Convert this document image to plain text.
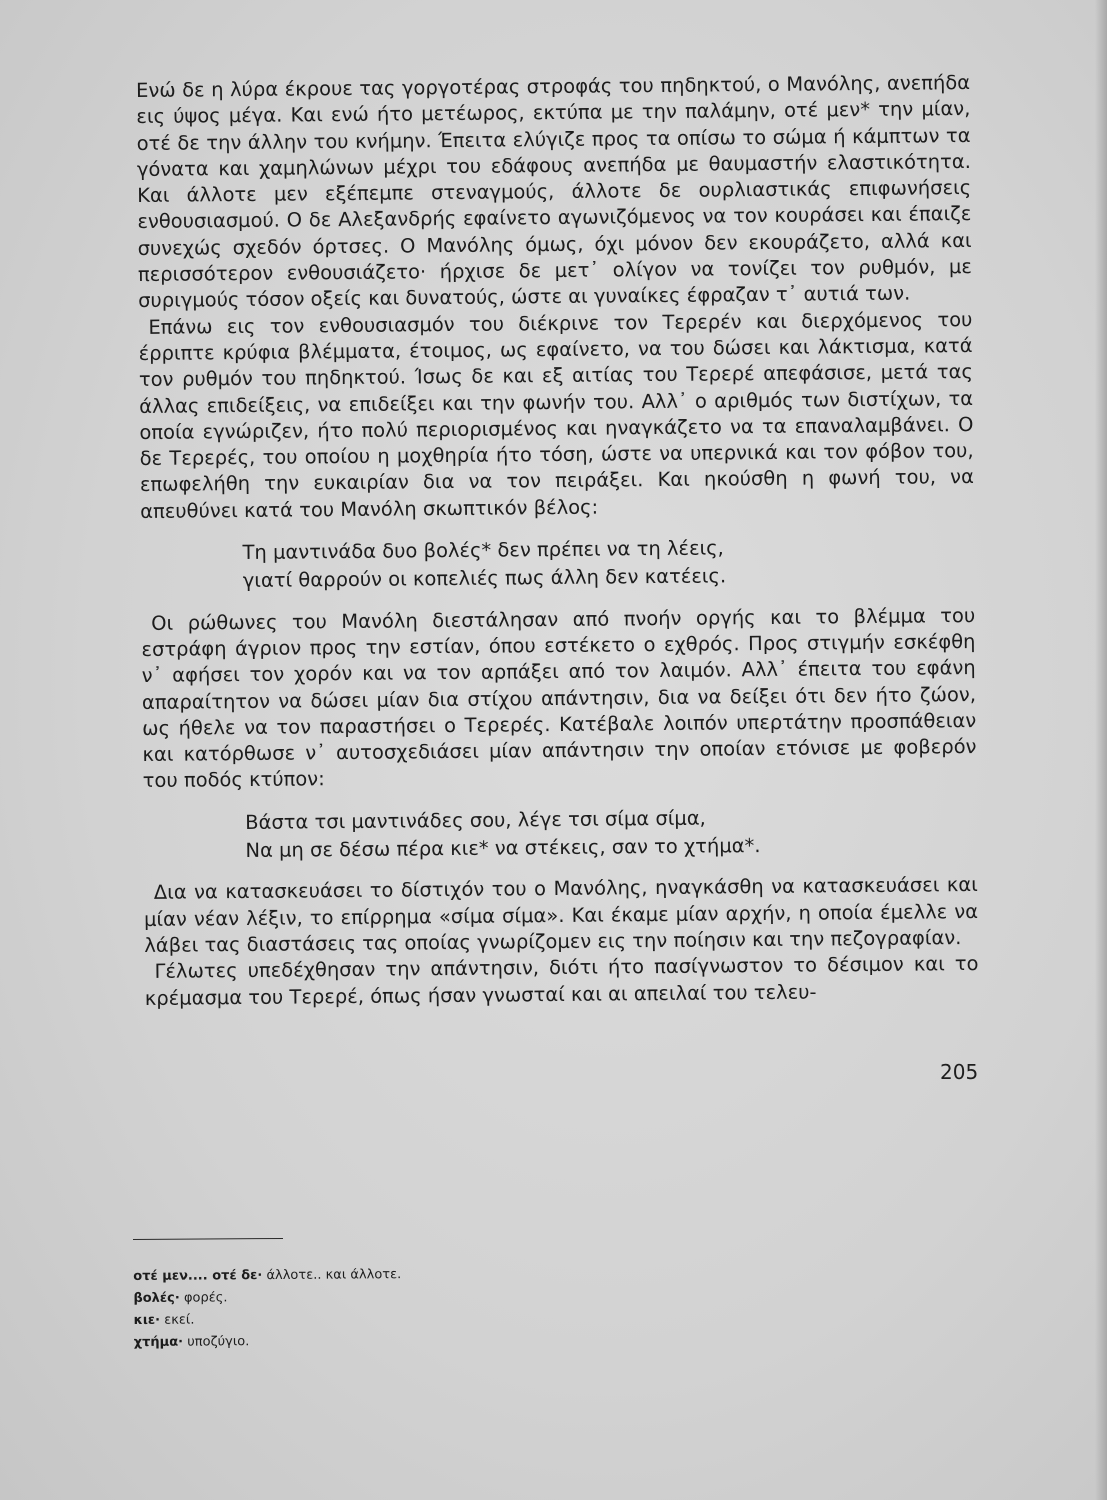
Ενώ δε η λύρα έκρουε τας γοργοτέρας στροφάς του πηδηκτού, ο Μανόλης, ανεπήδα εις ύψος μέγα. Και ενώ ήτο μετέωρος, εκτύπα με την παλάμην, οτέ μεν* την μίαν, οτέ δε την άλλην του κνήμην. Έπειτα ελύγιζε προς τα οπίσω το σώμα ή κάμπτων τα γόνατα και χαμηλώνων μέχρι του εδάφους ανεπήδα με θαυμαστήν ελαστικότητα. Και άλλοτε μεν εξέπεμπε στεναγμούς, άλλοτε δε ουρλιαστικάς επιφωνήσεις ενθουσιασμού. Ο δε Αλεξανδρής εφαίνετο αγωνιζόμενος να τον κουράσει και έπαιζε συνεχώς σχεδόν όρτσες. Ο Μανόλης όμως, όχι μόνον δεν εκουράζετο, αλλά και περισσότερον ενθουσιάζετο· ήρχισε δε μετ᾽ ολίγον να τονίζει τον ρυθμόν, με συριγμούς τόσον οξείς και δυνατούς, ώστε αι γυναίκες έφραζαν τ᾽ αυτιά των.

Επάνω εις τον ενθουσιασμόν του διέκρινε τον Τερερέν και διερχόμενος του έρριπτε κρύφια βλέμματα, έτοιμος, ως εφαίνετο, να του δώσει και λάκτισμα, κατά τον ρυθμόν του πηδηκτού. Ίσως δε και εξ αιτίας του Τερερέ απεφάσισε, μετά τας άλλας επιδείξεις, να επιδείξει και την φωνήν του. Αλλ᾽ ο αριθμός των διστίχων, τα οποία εγνώριζεν, ήτο πολύ περιορισμένος και ηναγκάζετο να τα επαναλαμβάνει. Ο δε Τερερές, του οποίου η μοχθηρία ήτο τόση, ώστε να υπερνικά και τον φόβον του, επωφελήθη την ευκαιρίαν δια να τον πειράξει. Και ηκούσθη η φωνή του, να απευθύνει κατά του Μανόλη σκωπτικόν βέλος:

Τη μαντινάδα δυο βολές* δεν πρέπει να τη λέεις,

γιατί θαρρούν οι κοπελιές πως άλλη δεν κατέεις.

Οι ρώθωνες του Μανόλη διεστάλησαν από πνοήν οργής και το βλέμμα του εστράφη άγριον προς την εστίαν, όπου εστέκετο ο εχθρός. Προς στιγμήν εσκέφθη ν᾽ αφήσει τον χορόν και να τον αρπάξει από τον λαιμόν. Αλλ᾽ έπειτα του εφάνη απαραίτητον να δώσει μίαν δια στίχου απάντησιν, δια να δείξει ότι δεν ήτο ζώον, ως ήθελε να τον παραστήσει ο Τερερές. Κατέβαλε λοιπόν υπερτάτην προσπάθειαν και κατόρθωσε ν᾽ αυτοσχεδιάσει μίαν απάντησιν την οποίαν ετόνισε με φοβερόν του ποδός κτύπον:

Βάστα τσι μαντινάδες σου, λέγε τσι σίμα σίμα,

Να μη σε δέσω πέρα κιε* να στέκεις, σαν το χτήμα*.

Δια να κατασκευάσει το δίστιχόν του ο Μανόλης, ηναγκάσθη να κατασκευάσει και μίαν νέαν λέξιν, το επίρρημα «σίμα σίμα». Και έκαμε μίαν αρχήν, η οποία έμελλε να λάβει τας διαστάσεις τας οποίας γνωρίζομεν εις την ποίησιν και την πεζογραφίαν.

Γέλωτες υπεδέχθησαν την απάντησιν, διότι ήτο πασίγνωστον το δέσιμον και το κρέμασμα του Τερερέ, όπως ήσαν γνωσταί και αι απειλαί του τελευ-

οτέ μεν.... οτέ δε· άλλοτε.. και άλλοτε.

βολές· φορές.

κιε· εκεί.

χτήμα· υποζύγιο.

205
